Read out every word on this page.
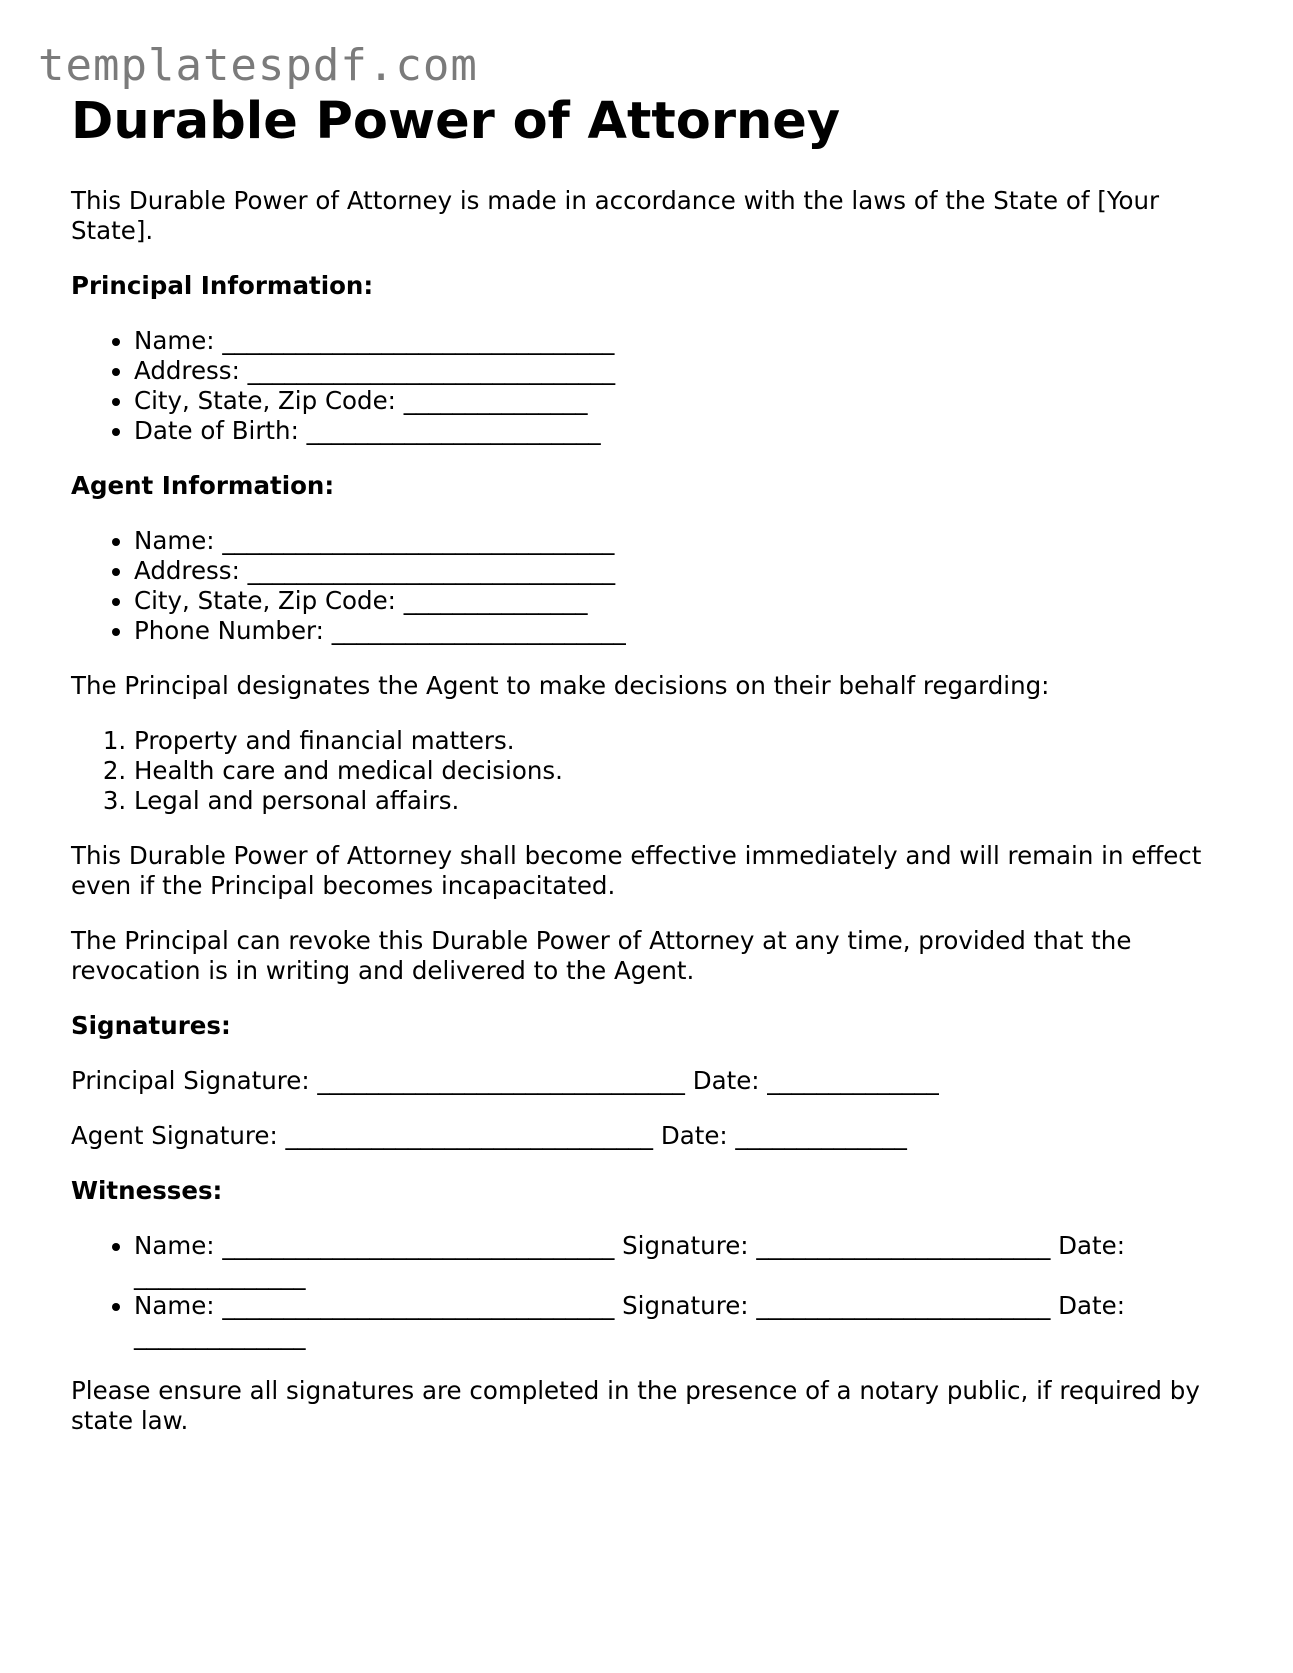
templatespdf.com
Durable Power of Attorney

This Durable Power of Attorney is made in accordance with the laws of the State of [Your State].

Principal Information:

• Name: ________________________________
• Address: ______________________________
• City, State, Zip Code: _______________
• Date of Birth: ________________________

Agent Information:

• Name: ________________________________
• Address: ______________________________
• City, State, Zip Code: _______________
• Phone Number: ________________________

The Principal designates the Agent to make decisions on their behalf regarding:

1. Property and financial matters.
2. Health care and medical decisions.
3. Legal and personal affairs.

This Durable Power of Attorney shall become effective immediately and will remain in effect even if the Principal becomes incapacitated.

The Principal can revoke this Durable Power of Attorney at any time, provided that the revocation is in writing and delivered to the Agent.

Signatures:

Principal Signature: ______________________________ Date: ______________

Agent Signature: ______________________________ Date: ______________

Witnesses:

• Name: ________________________________ Signature: ________________________ Date: ______________
• Name: ________________________________ Signature: ________________________ Date: ______________

Please ensure all signatures are completed in the presence of a notary public, if required by state law.
